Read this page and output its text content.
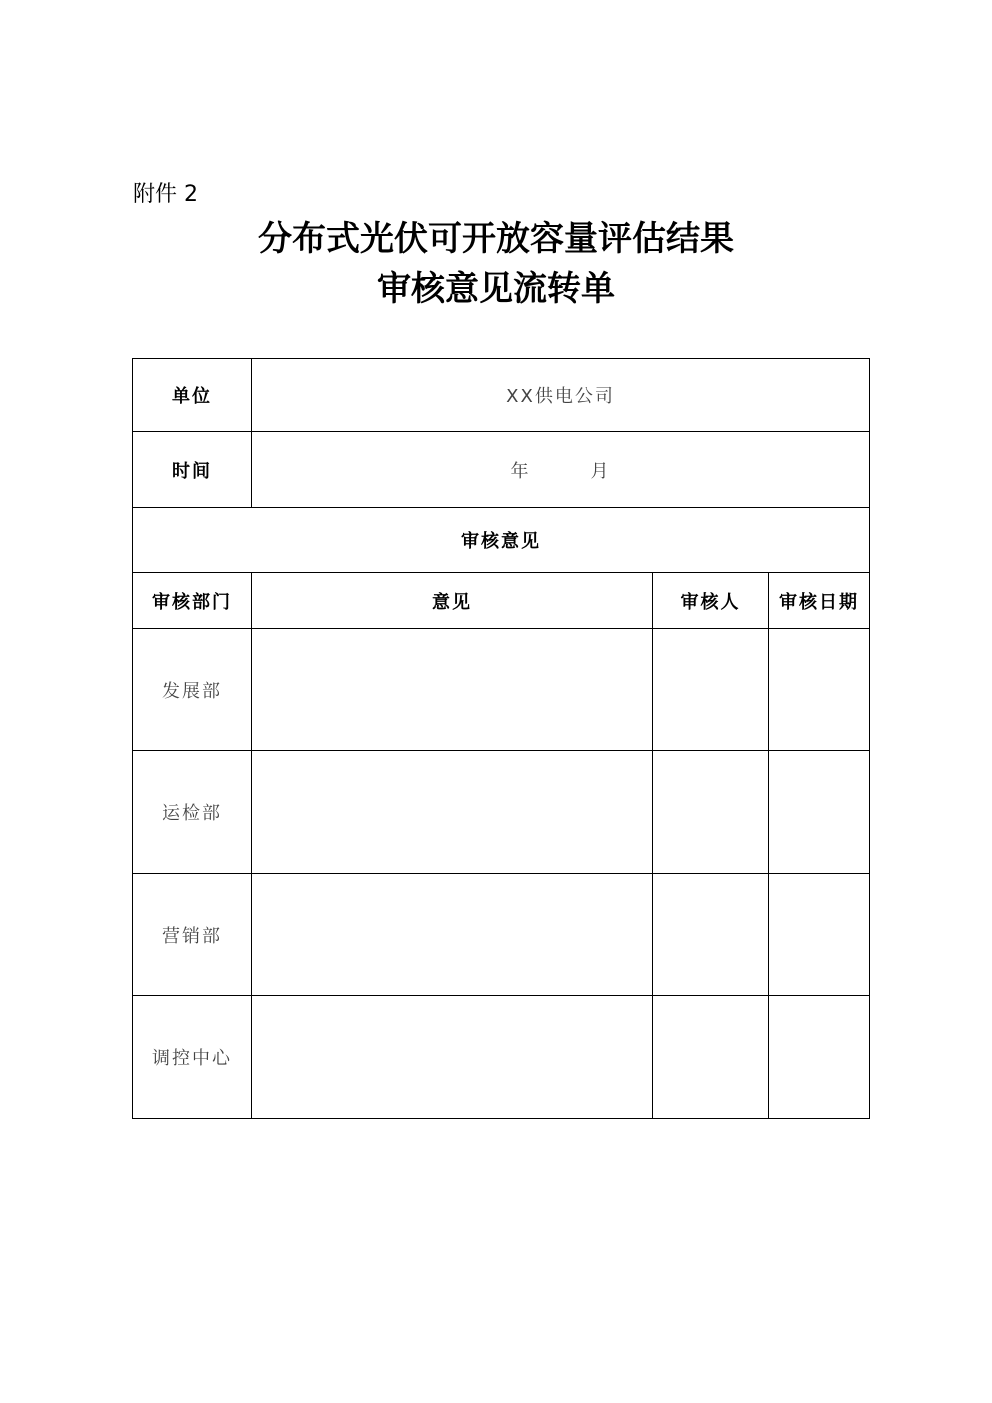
附件 2
分布式光伏可开放容量评估结果
审核意见流转单
单位	XX供电公司		
时间	年 月		
审核意见			
审核部门	意见	审核人	审核日期
发展部			
运检部			
营销部			
调控中心			
